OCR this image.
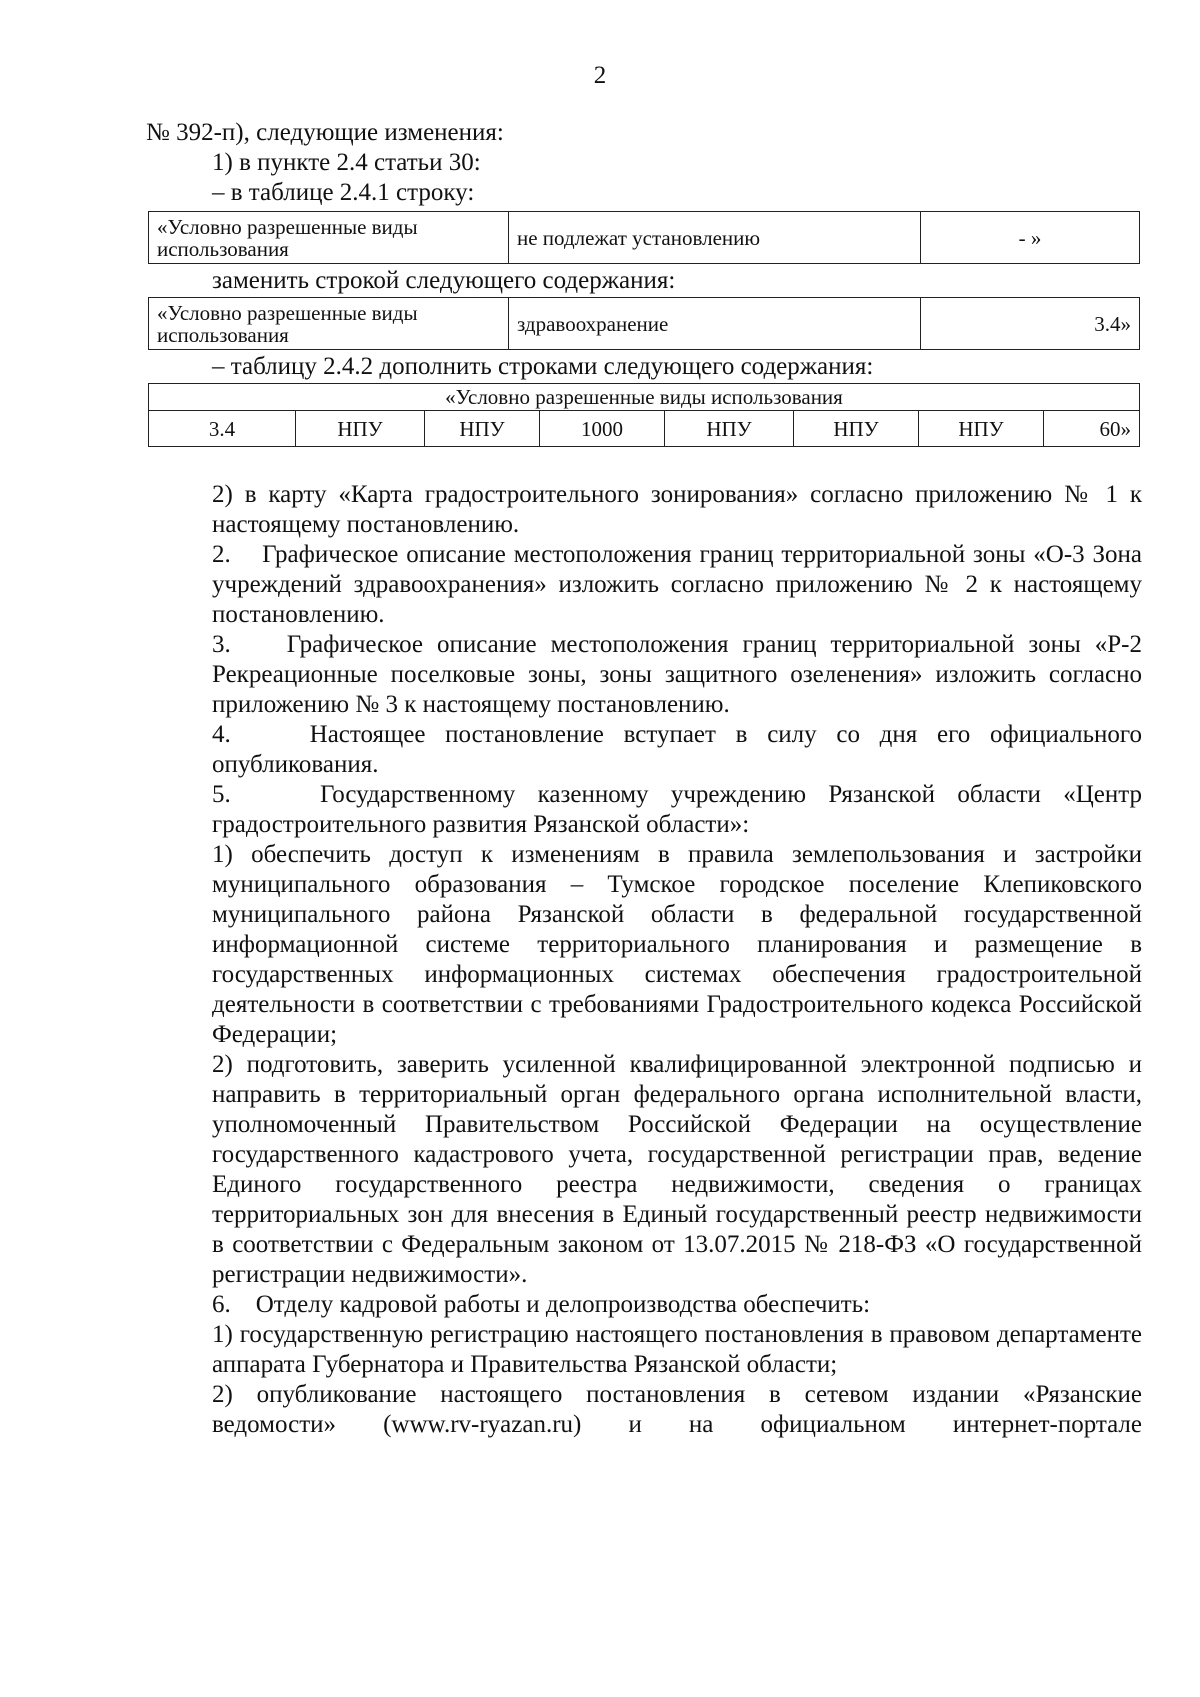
2

№ 392-п), следующие изменения:

1) в пункте 2.4 статьи 30:

– в таблице 2.4.1 строку:

«Условно разрешенные виды использования	не подлежат установлению	- »

заменить строкой следующего содержания:

«Условно разрешенные виды использования	здравоохранение	3.4»

– таблицу 2.4.2 дополнить строками следующего содержания:

«Условно разрешенные виды использования
3.4	НПУ	НПУ	1000	НПУ	НПУ	НПУ	60»

2) в карту «Карта градостроительного зонирования» согласно приложению № 1 к настоящему постановлению.

2.    Графическое описание местоположения границ территориальной зоны «О-3 Зона учреждений здравоохранения» изложить согласно приложению № 2 к настоящему постановлению.

3.    Графическое описание местоположения границ территориальной зоны «Р-2 Рекреационные поселковые зоны, зоны защитного озеленения» изложить согласно приложению № 3 к настоящему постановлению.

4.    Настоящее постановление вступает в силу со дня его официального опубликования.

5.    Государственному казенному учреждению Рязанской области «Центр градостроительного развития Рязанской области»:

1) обеспечить доступ к изменениям в правила землепользования и застройки муниципального образования – Тумское городское поселение Клепиковского муниципального района Рязанской области в федеральной государственной информационной системе территориального планирования и размещение в государственных информационных системах обеспечения градостроительной деятельности в соответствии с требованиями Градостроительного кодекса Российской Федерации;

2) подготовить, заверить усиленной квалифицированной электронной подписью и направить в территориальный орган федерального органа исполнительной власти, уполномоченный Правительством Российской Федерации на осуществление государственного кадастрового учета, государственной регистрации прав, ведение Единого государственного реестра недвижимости, сведения о границах территориальных зон для внесения в Единый государственный реестр недвижимости в соответствии с Федеральным законом от 13.07.2015 № 218-ФЗ «О государственной регистрации недвижимости».

6.    Отделу кадровой работы и делопроизводства обеспечить:

1) государственную регистрацию настоящего постановления в правовом департаменте аппарата Губернатора и Правительства Рязанской области;

2) опубликование настоящего постановления в сетевом издании «Рязанские ведомости» (www.rv-ryazan.ru) и на официальном интернет-портале
